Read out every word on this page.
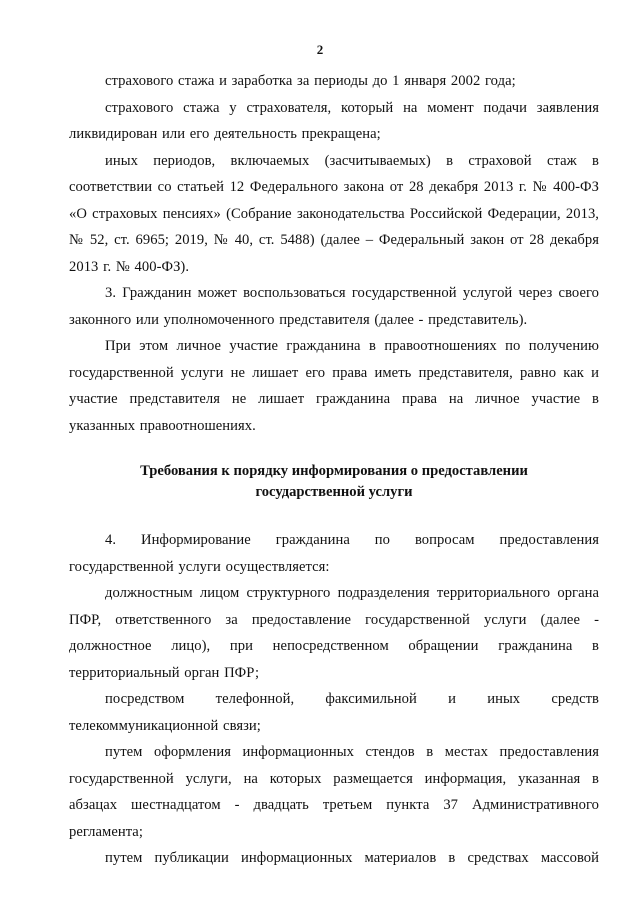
2

страхового стажа и заработка за периоды до 1 января 2002 года;

страхового стажа у страхователя, который на момент подачи заявления ликвидирован или его деятельность прекращена;

иных периодов, включаемых (засчитываемых) в страховой стаж в соответствии со статьей 12 Федерального закона от 28 декабря 2013 г. № 400-ФЗ «О страховых пенсиях» (Собрание законодательства Российской Федерации, 2013, № 52, ст. 6965; 2019, № 40, ст. 5488) (далее – Федеральный закон от 28 декабря 2013 г. № 400-ФЗ).

3. Гражданин может воспользоваться государственной услугой через своего законного или уполномоченного представителя (далее - представитель).

При этом личное участие гражданина в правоотношениях по получению государственной услуги не лишает его права иметь представителя, равно как и участие представителя не лишает гражданина права на личное участие в указанных правоотношениях.

Требования к порядку информирования о предоставлении
государственной услуги

4. Информирование гражданина по вопросам предоставления государственной услуги осуществляется:

должностным лицом структурного подразделения территориального органа ПФР, ответственного за предоставление государственной услуги (далее - должностное лицо), при непосредственном обращении гражданина в территориальный орган ПФР;

посредством телефонной, факсимильной и иных средств телекоммуникационной связи;

путем оформления информационных стендов в местах предоставления государственной услуги, на которых размещается информация, указанная в абзацах шестнадцатом - двадцать третьем пункта 37 Административного регламента;

путем публикации информационных материалов в средствах массовой
